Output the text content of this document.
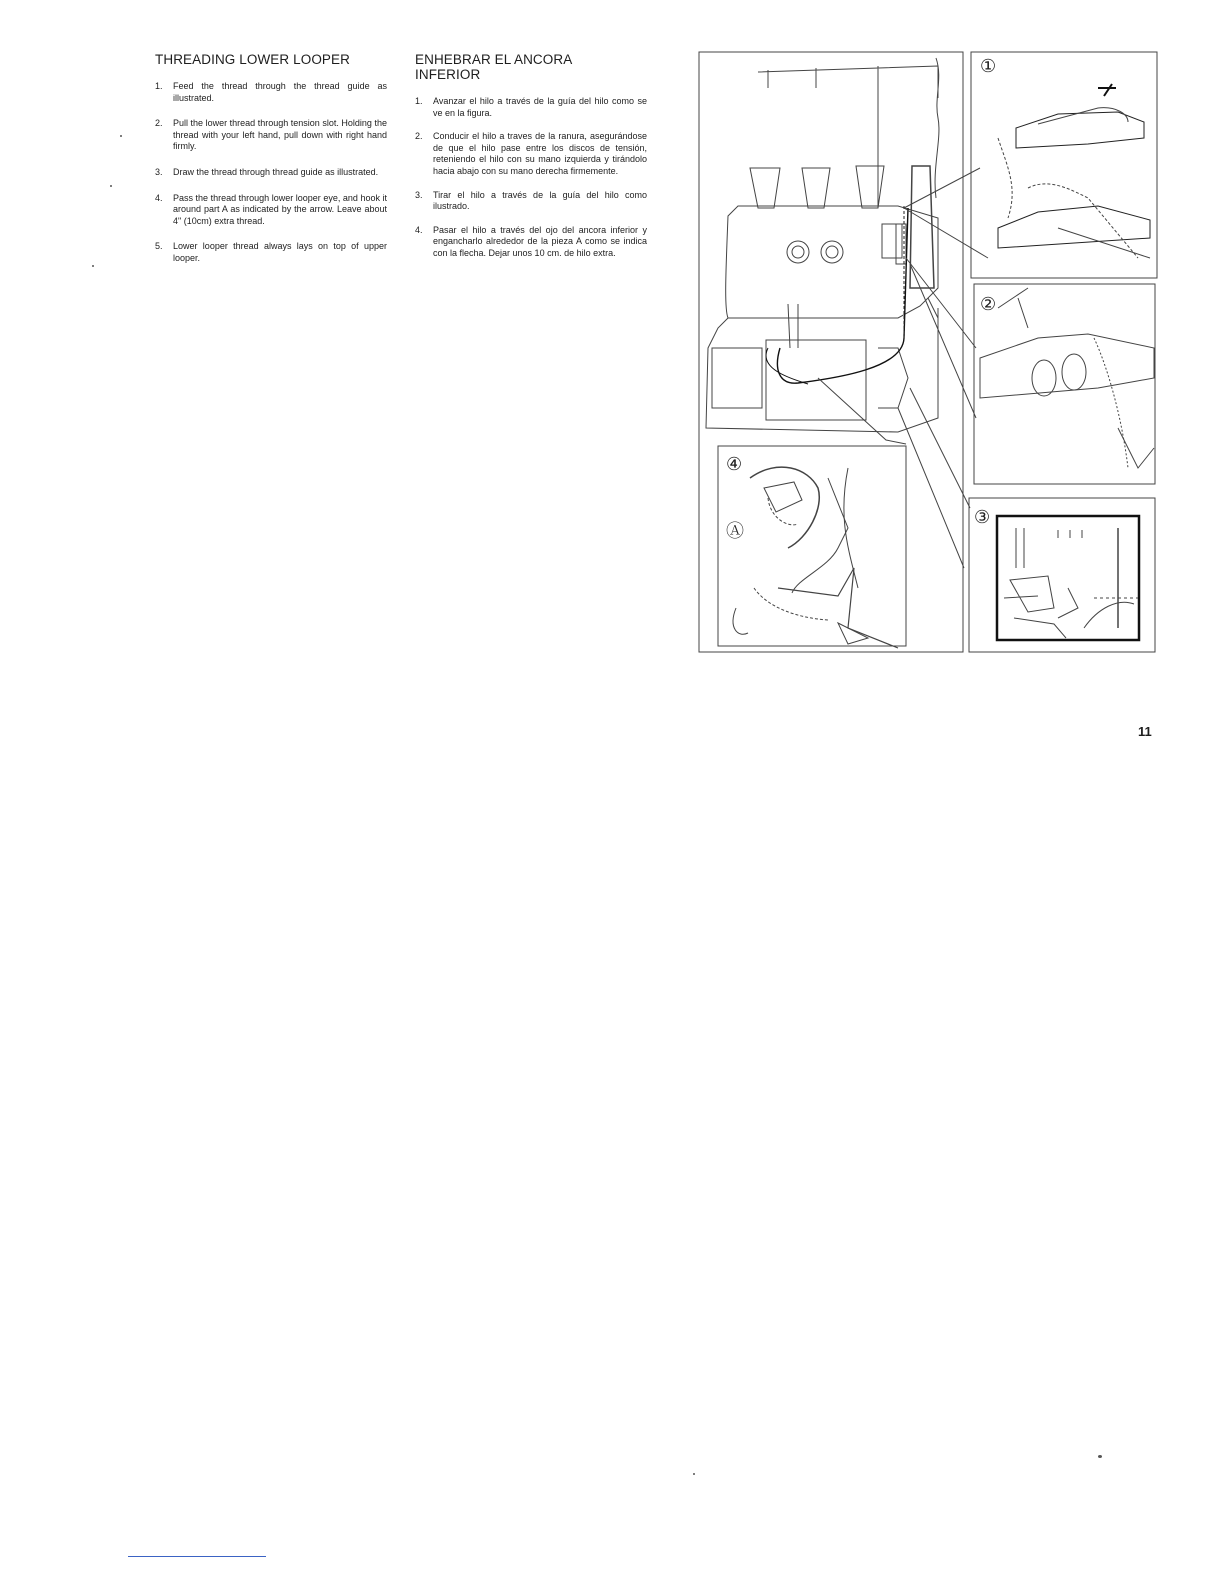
THREADING LOWER LOOPER
1. Feed the thread through the thread guide as illustrated.
2. Pull the lower thread through tension slot. Holding the thread with your left hand, pull down with right hand firmly.
3. Draw the thread through thread guide as illustrated.
4. Pass the thread through lower looper eye, and hook it around part A as indicated by the arrow. Leave about 4" (10cm) extra thread.
5. Lower looper thread always lays on top of upper looper.
ENHEBRAR EL ANCORA INFERIOR
1. Avanzar el hilo a través de la guía del hilo como se ve en la figura.
2. Conducir el hilo a traves de la ranura, asegurándose de que el hilo pase entre los discos de tensión, reteniendo el hilo con su mano izquierda y tirándolo hacia abajo con su mano derecha firmemente.
3. Tirar el hilo a través de la guía del hilo como ilustrado.
4. Pasar el hilo a través del ojo del ancora inferior y engancharlo alrededor de la pieza A como se indica con la flecha. Dejar unos 10 cm. de hilo extra.
①
②
③
④
Ⓐ
11
